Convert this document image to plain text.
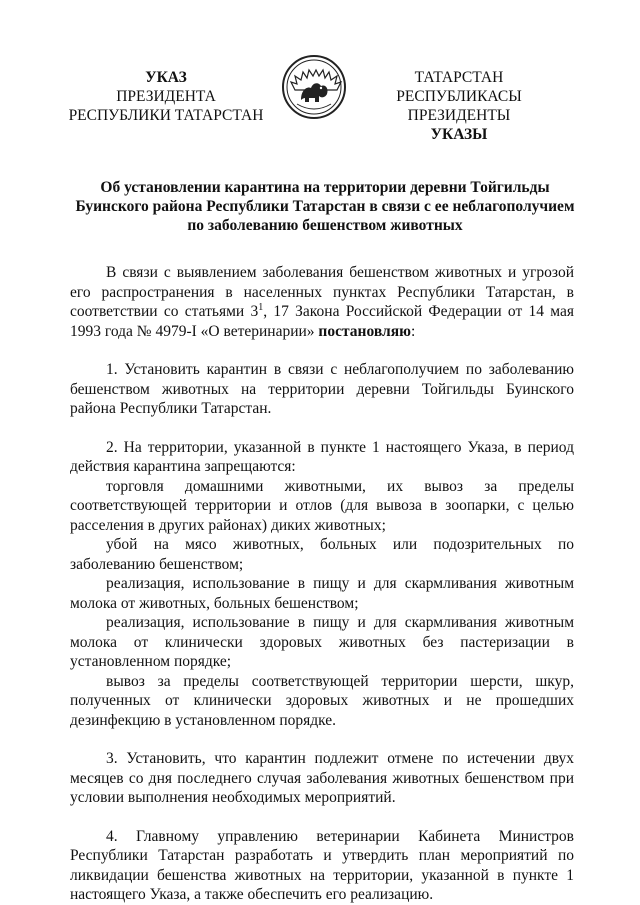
УКАЗ
ПРЕЗИДЕНТА
РЕСПУБЛИКИ ТАТАРСТАН
ТАТАРСТАН РЕСПУБЛИКАСЫ
ПРЕЗИДЕНТЫ
УКАЗЫ
Об установлении карантина на территории деревни Тойгильды
Буинского района Республики Татарстан в связи с ее неблагополучием
по заболеванию бешенством животных

В связи с выявлением заболевания бешенством животных и угрозой его распространения в населенных пунктах Республики Татарстан, в соответствии со статьями $3^1$, 17 Закона Российской Федерации от 14 мая 1993 года № 4979-I «О ветеринарии» постановляю:

1. Установить карантин в связи с неблагополучием по заболеванию бешенством животных на территории деревни Тойгильды Буинского района Республики Татарстан.

2. На территории, указанной в пункте 1 настоящего Указа, в период действия карантина запрещаются:

торговля домашними животными, их вывоз за пределы соответствующей территории и отлов (для вывоза в зоопарки, с целью расселения в других районах) диких животных;

убой на мясо животных, больных или подозрительных по заболеванию бешенством;

реализация, использование в пищу и для скармливания животным молока от животных, больных бешенством;

реализация, использование в пищу и для скармливания животным молока от клинически здоровых животных без пастеризации в установленном порядке;

вывоз за пределы соответствующей территории шерсти, шкур, полученных от клинически здоровых животных и не прошедших дезинфекцию в установленном порядке.

3. Установить, что карантин подлежит отмене по истечении двух месяцев со дня последнего случая заболевания животных бешенством при условии выполнения необходимых мероприятий.

4. Главному управлению ветеринарии Кабинета Министров Республики Татарстан разработать и утвердить план мероприятий по ликвидации бешенства животных на территории, указанной в пункте 1 настоящего Указа, а также обеспечить его реализацию.
